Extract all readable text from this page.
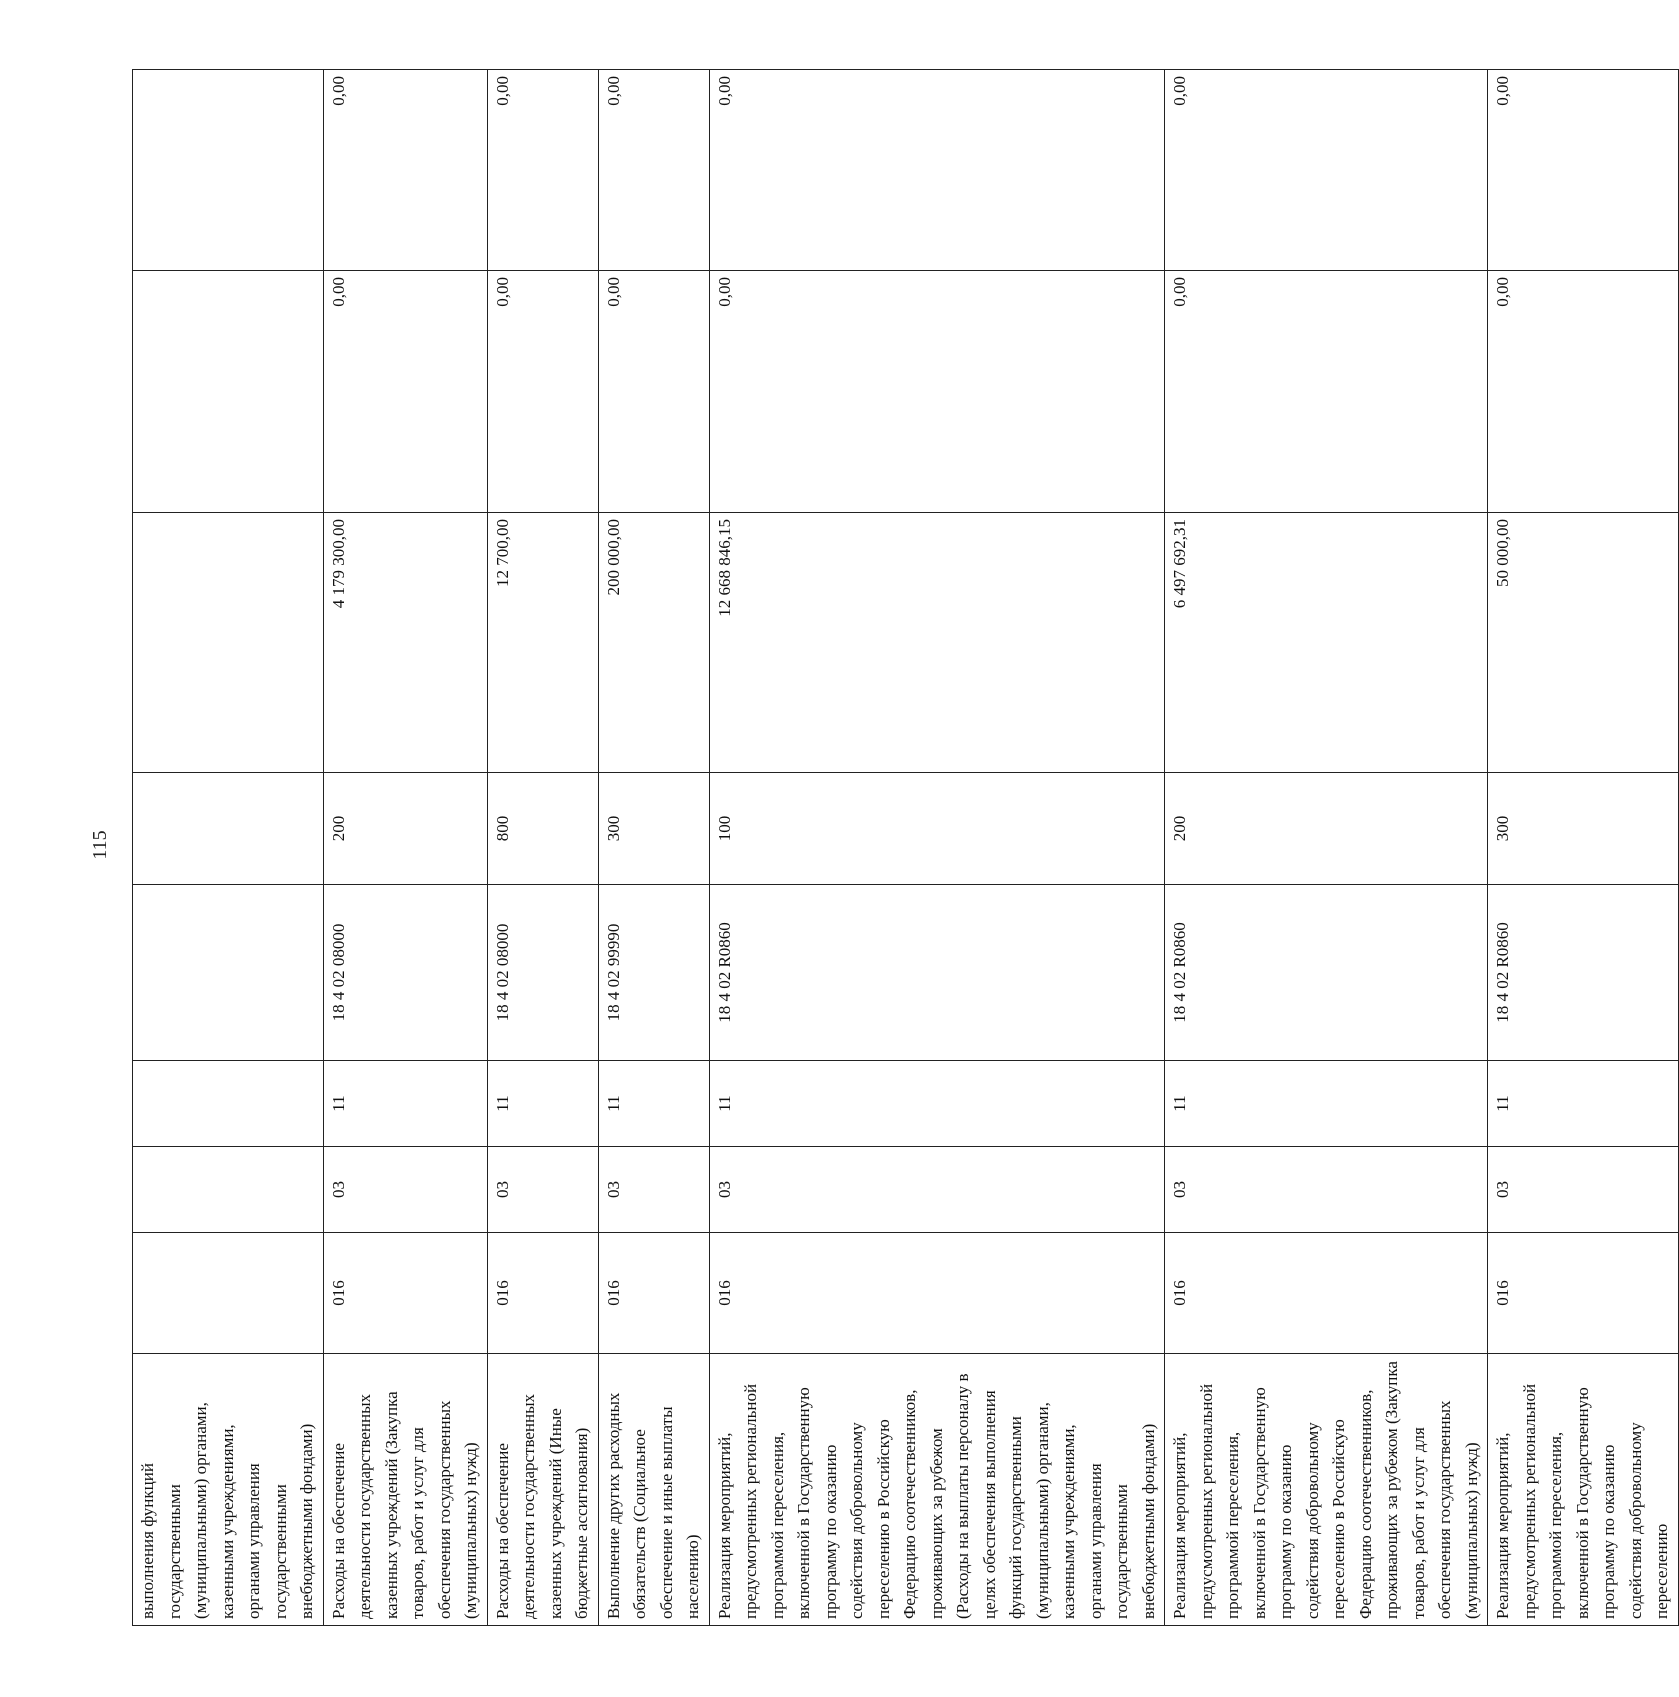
115
выполнения функций государственными (муниципальными) органами, казенными учреждениями, органами управления государственными внебюджетными фондами)								
Расходы на обеспечение деятельности государственных казенных учреждений (Закупка товаров, работ и услуг для обеспечения государственных (муниципальных) нужд)	016	03	11	18 4 02 08000	200	4 179 300,00	0,00	0,00
Расходы на обеспечение деятельности государственных казенных учреждений (Иные бюджетные ассигнования)	016	03	11	18 4 02 08000	800	12 700,00	0,00	0,00
Выполнение других расходных обязательств (Социальное обеспечение и иные выплаты населению)	016	03	11	18 4 02 99990	300	200 000,00	0,00	0,00
Реализация мероприятий, предусмотренных региональной программой переселения, включенной в Государственную программу по оказанию содействия добровольному переселению в Российскую Федерацию соотечественников, проживающих за рубежом (Расходы на выплаты персоналу в целях обеспечения выполнения функций государственными (муниципальными) органами, казенными учреждениями, органами управления государственными внебюджетными фондами)	016	03	11	18 4 02 R0860	100	12 668 846,15	0,00	0,00
Реализация мероприятий, предусмотренных региональной программой переселения, включенной в Государственную программу по оказанию содействия добровольному переселению в Российскую Федерацию соотечественников, проживающих за рубежом (Закупка товаров, работ и услуг для обеспечения государственных (муниципальных) нужд)	016	03	11	18 4 02 R0860	200	6 497 692,31	0,00	0,00
Реализация мероприятий, предусмотренных региональной программой переселения, включенной в Государственную программу по оказанию содействия добровольному переселению	016	03	11	18 4 02 R0860	300	50 000,00	0,00	0,00
